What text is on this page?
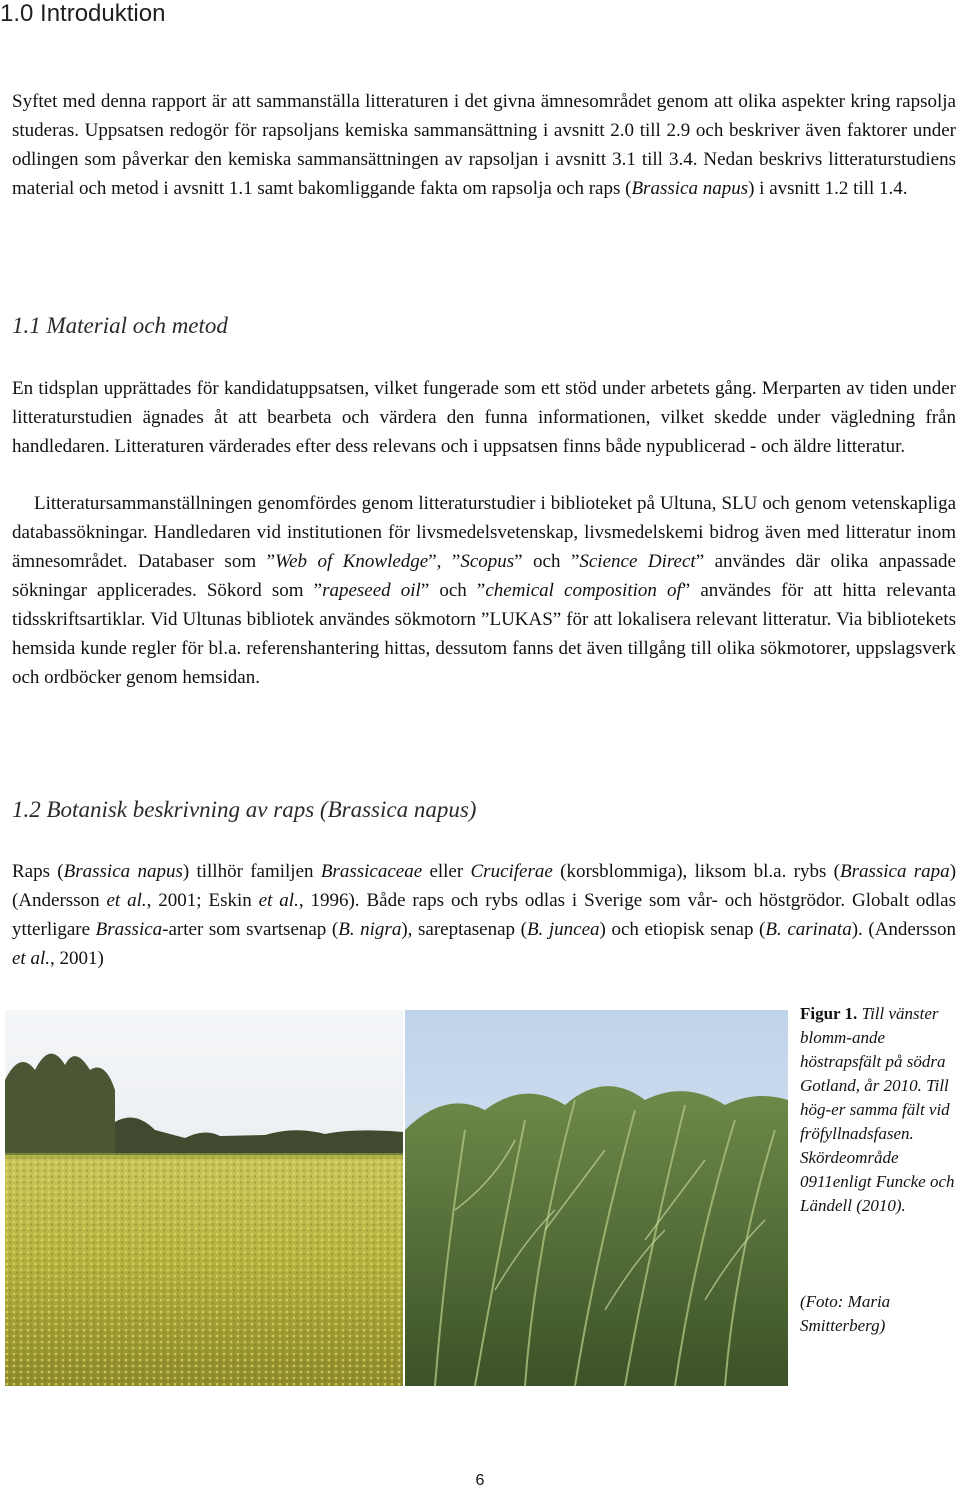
1.0 Introduktion

Syftet med denna rapport är att sammanställa litteraturen i det givna ämnesområdet genom att olika aspekter kring rapsolja studeras. Uppsatsen redogör för rapsoljans kemiska sammansättning i avsnitt 2.0 till 2.9 och beskriver även faktorer under odlingen som påverkar den kemiska sammansättningen av rapsoljan i avsnitt 3.1 till 3.4. Nedan beskrivs litteraturstudiens material och metod i avsnitt 1.1 samt bakomliggande fakta om rapsolja och raps (Brassica napus) i avsnitt 1.2 till 1.4.

1.1 Material och metod

En tidsplan upprättades för kandidatuppsatsen, vilket fungerade som ett stöd under arbetets gång. Merparten av tiden under litteraturstudien ägnades åt att bearbeta och värdera den funna informationen, vilket skedde under vägledning från handledaren. Litteraturen värderades efter dess relevans och i uppsatsen finns både nypublicerad - och äldre litteratur.

Litteratursammanställningen genomfördes genom litteraturstudier i biblioteket på Ultuna, SLU och genom vetenskapliga databassökningar. Handledaren vid institutionen för livsmedelsvetenskap, livsmedelskemi bidrog även med litteratur inom ämnesområdet. Databaser som ”Web of Knowledge”, ”Scopus” och ”Science Direct” användes där olika anpassade sökningar applicerades. Sökord som ”rapeseed oil” och ”chemical composition of” användes för att hitta relevanta tidsskriftsartiklar. Vid Ultunas bibliotek användes sökmotorn ”LUKAS” för att lokalisera relevant litteratur. Via bibliotekets hemsida kunde regler för bl.a. referenshantering hittas, dessutom fanns det även tillgång till olika sökmotorer, uppslagsverk och ordböcker genom hemsidan.

1.2 Botanisk beskrivning av raps (Brassica napus)

Raps (Brassica napus) tillhör familjen Brassicaceae eller Cruciferae (korsblommiga), liksom bl.a. rybs (Brassica rapa) (Andersson et al., 2001; Eskin et al., 1996). Både raps och rybs odlas i Sverige som vår- och höstgrödor. Globalt odlas ytterligare Brassica-arter som svartsenap (B. nigra), sareptasenap (B. juncea) och etiopisk senap (B. carinata). (Andersson et al., 2001)

Figur 1. Till vänster blomm-ande höstrapsfält på södra Gotland, år 2010. Till hög-er samma fält vid fröfyllnadsfasen. Skördeområde 0911enligt Funcke och Ländell (2010).

(Foto: Maria Smitterberg)

6
